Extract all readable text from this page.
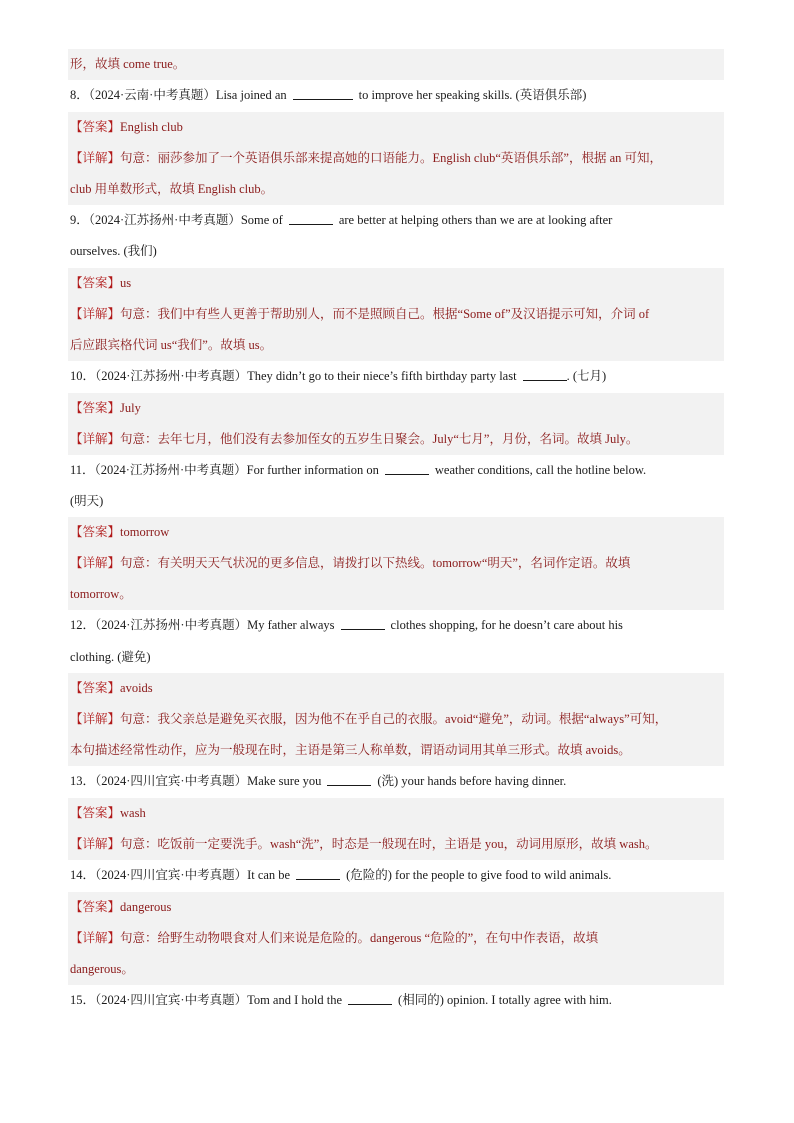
形，故填 come true。
8．（2024·云南·中考真题）Lisa joined an	to improve her speaking skills. (英语俱乐部)
【答案】English club
【详解】句意：丽莎参加了一个英语俱乐部来提高她的口语能力。English club“英语俱乐部”，根据 an 可知，
club 用单数形式，故填 English club。
9．（2024·江苏扬州·中考真题）Some of	are better at helping others than we are at looking after
ourselves. (我们)
【答案】us
【详解】句意：我们中有些人更善于帮助别人，而不是照顾自己。根据“Some of”及汉语提示可知，介词 of
后应跟宾格代词 us“我们”。故填 us。
10．（2024·江苏扬州·中考真题）They didn’t go to their niece’s fifth birthday party last	. (七月)
【答案】July
【详解】句意：去年七月，他们没有去参加侄女的五岁生日聚会。July“七月”，月份，名词。故填 July。
11．（2024·江苏扬州·中考真题）For further information on	weather conditions, call the hotline below.
(明天)
【答案】tomorrow
【详解】句意：有关明天天气状况的更多信息，请拨打以下热线。tomorrow“明天”，名词作定语。故填
tomorrow。
12．（2024·江苏扬州·中考真题）My father always	clothes shopping, for he doesn’t care about his
clothing. (避免)
【答案】avoids
【详解】句意：我父亲总是避免买衣服，因为他不在乎自己的衣服。avoid“避免”，动词。根据“always”可知，
本句描述经常性动作，应为一般现在时，主语是第三人称单数，谓语动词用其单三形式。故填 avoids。
13．（2024·四川宜宾·中考真题）Make sure you	(洗) your hands before having dinner.
【答案】wash
【详解】句意：吃饭前一定要洗手。wash“洗”，时态是一般现在时，主语是 you，动词用原形，故填 wash。
14．（2024·四川宜宾·中考真题）It can be	(危险的) for the people to give food to wild animals.
【答案】dangerous
【详解】句意：给野生动物喂食对人们来说是危险的。dangerous “危险的”，在句中作表语，故填
dangerous。
15．（2024·四川宜宾·中考真题）Tom and I hold the	(相同的) opinion. I totally agree with him.
